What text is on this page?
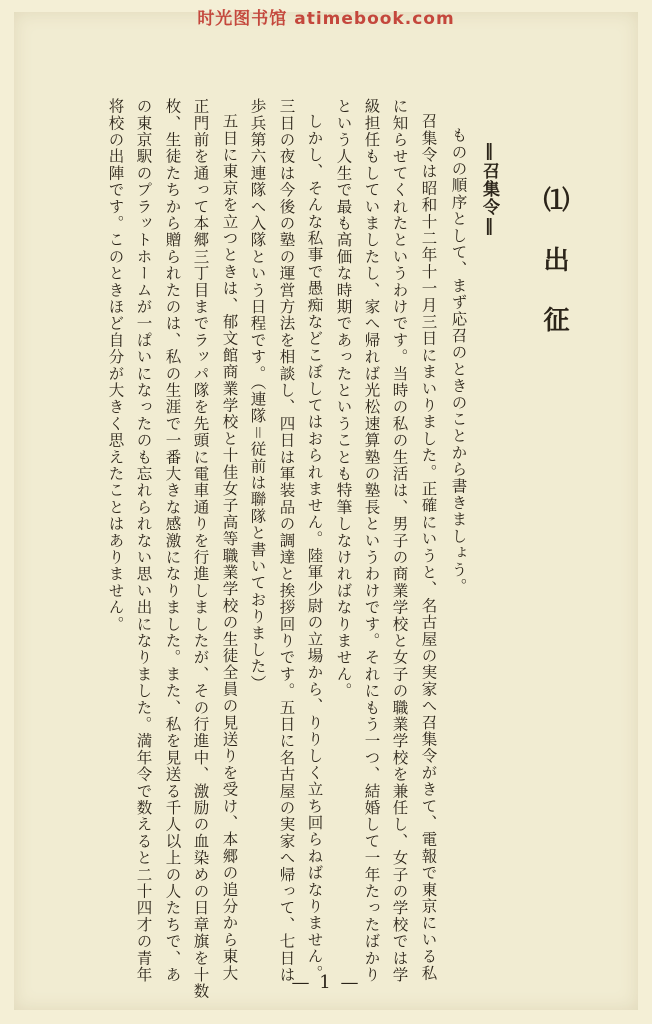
时光图书馆 atimebook.com
⑴ 出 征
‖召集令‖
ものの順序として、まず応召のときのことから書きましょう。
召集令は昭和十二年十一月三日にまいりました。正確にいうと、名古屋の実家へ召集令がきて、電報で東京にいる私
に知らせてくれたというわけです。当時の私の生活は、男子の商業学校と女子の職業学校を兼任し、女子の学校では学
級担任もしていましたし、家へ帰れば光松速算塾の塾長というわけです。それにもう一つ、結婚して一年たったばかり
という人生で最も高価な時期であったということも特筆しなければなりません。
しかし、そんな私事で愚痴などこぼしてはおられません。陸軍少尉の立場から、りりしく立ち回らねばなりません。
三日の夜は今後の塾の運営方法を相談し、四日は軍装品の調達と挨拶回りです。五日に名古屋の実家へ帰って、七日は
歩兵第六連隊へ入隊という日程です。（連隊＝従前は聯隊と書いておりました）
五日に東京を立つときは、郁文館商業学校と十佳女子高等職業学校の生徒全員の見送りを受け、本郷の追分から東大
正門前を通って本郷三丁目までラッパ隊を先頭に電車通りを行進しましたが、その行進中、激励の血染めの日章旗を十数
枚、生徒たちから贈られたのは、私の生涯で一番大きな感激になりました。また、私を見送る千人以上の人たちで、あ
の東京駅のプラットホームが一ぱいになったのも忘れられない思い出になりました。満年令で数えると二十四才の青年
将校の出陣です。このときほど自分が大きく思えたことはありません。
— 1 —
